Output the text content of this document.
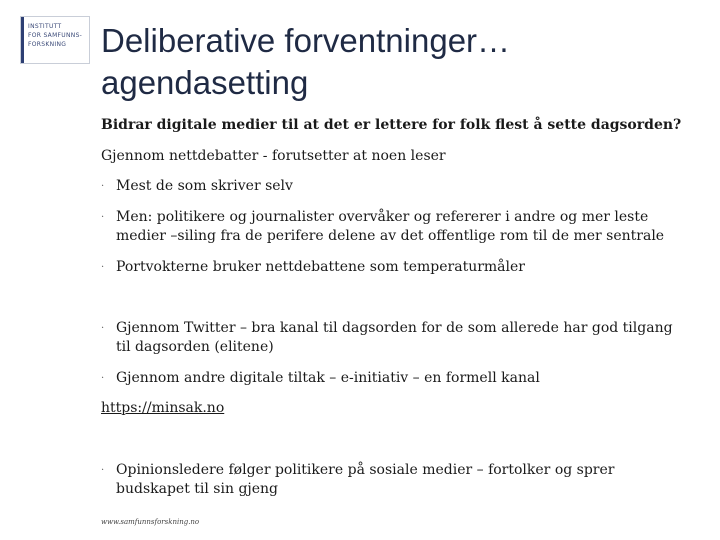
INSTITUTT
FOR SAMFUNNS-
FORSKNING	Deliberative forventninger…
agendasetting
Bidrar digitale medier til at det er lettere for folk flest å sette dagsorden?
Gjennom nettdebatter - forutsetter at noen leser
· Mest de som skriver selv
· Men: politikere og journalister overvåker og refererer i andre og mer leste medier –siling fra de perifere delene av det offentlige rom til de mer sentrale
· Portvokterne bruker nettdebattene som temperaturmåler
· Gjennom Twitter – bra kanal til dagsorden for de som allerede har god tilgang til dagsorden (elitene)
· Gjennom andre digitale tiltak – e-initiativ – en formell kanal
https://minsak.no
· Opinionsledere følger politikere på sosiale medier – fortolker og sprer budskapet til sin gjeng
www.samfunnsforskning.no
